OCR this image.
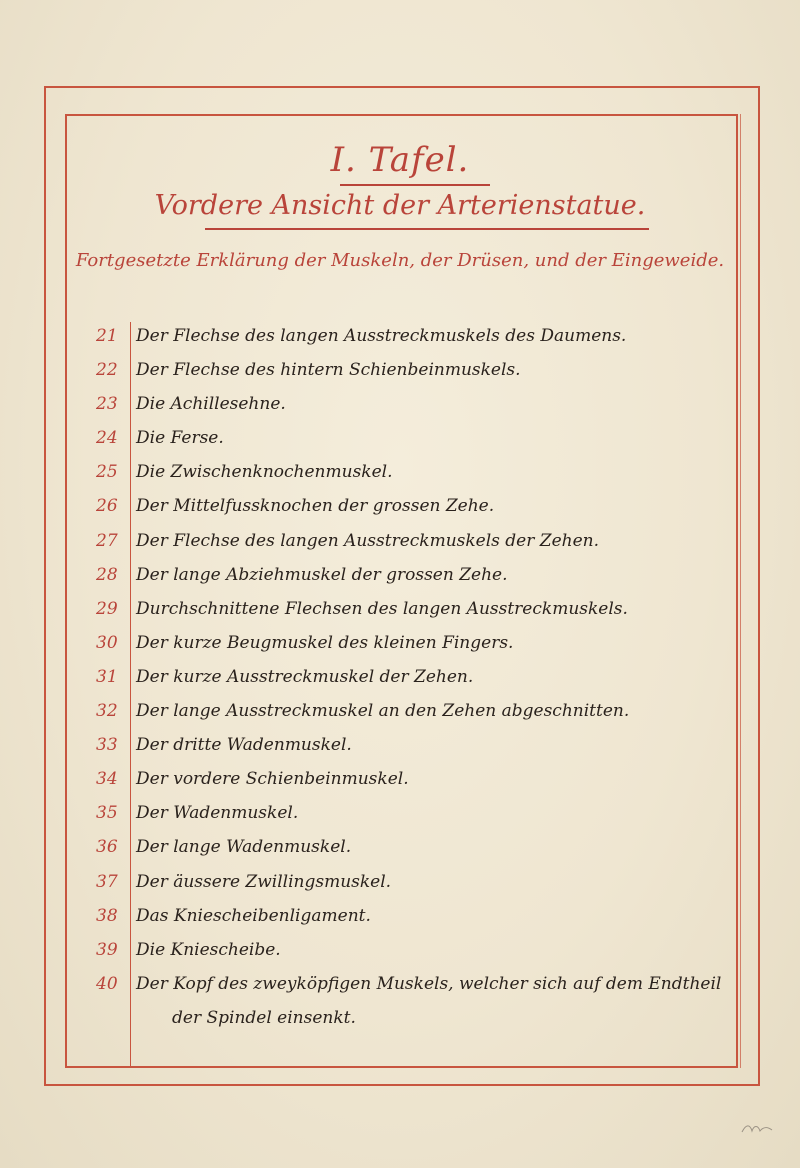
I. Tafel.
Vordere Ansicht der Arterienstatue.
Fortgesetzte Erklärung der Muskeln, der Drüsen, und der Eingeweide.
21	Der Flechse des langen Ausstreckmuskels des Daumens.
22	Der Flechse des hintern Schienbeinmuskels.
23	Die Achillesehne.
24	Die Ferse.
25	Die Zwischenknochenmuskel.
26	Der Mittelfussknochen der grossen Zehe.
27	Der Flechse des langen Ausstreckmuskels der Zehen.
28	Der lange Abziehmuskel der grossen Zehe.
29	Durchschnittene Flechsen des langen Ausstreckmuskels.
30	Der kurze Beugmuskel des kleinen Fingers.
31	Der kurze Ausstreckmuskel der Zehen.
32	Der lange Ausstreckmuskel an den Zehen abgeschnitten.
33	Der dritte Wadenmuskel.
34	Der vordere Schienbeinmuskel.
35	Der Wadenmuskel.
36	Der lange Wadenmuskel.
37	Der äussere Zwillingsmuskel.
38	Das Kniescheibenligament.
39	Die Kniescheibe.
40	Der Kopf des zweyköpfigen Muskels, welcher sich auf dem Endtheil
der Spindel einsenkt.
